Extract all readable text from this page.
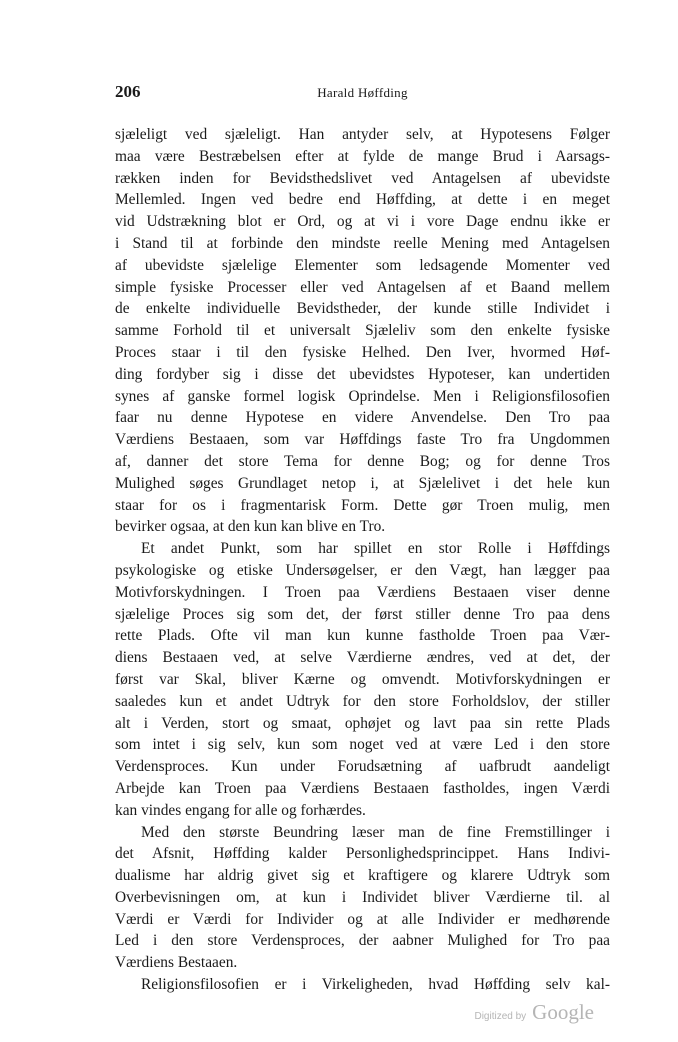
206	Harald Høffding
sjæleligt ved sjæleligt. Han antyder selv, at Hypotesens Følger
maa være Bestræbelsen efter at fylde de mange Brud i Aarsags-
rækken inden for Bevidsthedslivet ved Antagelsen af ubevidste
Mellemled. Ingen ved bedre end Høffding, at dette i en meget
vid Udstrækning blot er Ord, og at vi i vore Dage endnu ikke er
i Stand til at forbinde den mindste reelle Mening med Antagelsen
af ubevidste sjælelige Elementer som ledsagende Momenter ved
simple fysiske Processer eller ved Antagelsen af et Baand mellem
de enkelte individuelle Bevidstheder, der kunde stille Individet i
samme Forhold til et universalt Sjæleliv som den enkelte fysiske
Proces staar i til den fysiske Helhed. Den Iver, hvormed Høf-
ding fordyber sig i disse det ubevidstes Hypoteser, kan undertiden
synes af ganske formel logisk Oprindelse. Men i Religionsfilosofien
faar nu denne Hypotese en videre Anvendelse. Den Tro paa
Værdiens Bestaaen, som var Høffdings faste Tro fra Ungdommen
af, danner det store Tema for denne Bog; og for denne Tros
Mulighed søges Grundlaget netop i, at Sjælelivet i det hele kun
staar for os i fragmentarisk Form. Dette gør Troen mulig, men
bevirker ogsaa, at den kun kan blive en Tro.
Et andet Punkt, som har spillet en stor Rolle i Høffdings
psykologiske og etiske Undersøgelser, er den Vægt, han lægger paa
Motivforskydningen. I Troen paa Værdiens Bestaaen viser denne
sjælelige Proces sig som det, der først stiller denne Tro paa dens
rette Plads. Ofte vil man kun kunne fastholde Troen paa Vær-
diens Bestaaen ved, at selve Værdierne ændres, ved at det, der
først var Skal, bliver Kærne og omvendt. Motivforskydningen er
saaledes kun et andet Udtryk for den store Forholdslov, der stiller
alt i Verden, stort og smaat, ophøjet og lavt paa sin rette Plads
som intet i sig selv, kun som noget ved at være Led i den store
Verdensproces. Kun under Forudsætning af uafbrudt aandeligt
Arbejde kan Troen paa Værdiens Bestaaen fastholdes, ingen Værdi
kan vindes engang for alle og forhærdes.
Med den største Beundring læser man de fine Fremstillinger i
det Afsnit, Høffding kalder Personlighedsprincippet. Hans Indivi-
dualisme har aldrig givet sig et kraftigere og klarere Udtryk som
Overbevisningen om, at kun i Individet bliver Værdierne til. al
Værdi er Værdi for Individer og at alle Individer er medhørende
Led i den store Verdensproces, der aabner Mulighed for Tro paa
Værdiens Bestaaen.
Religionsfilosofien er i Virkeligheden, hvad Høffding selv kal-
Digitized by Google
